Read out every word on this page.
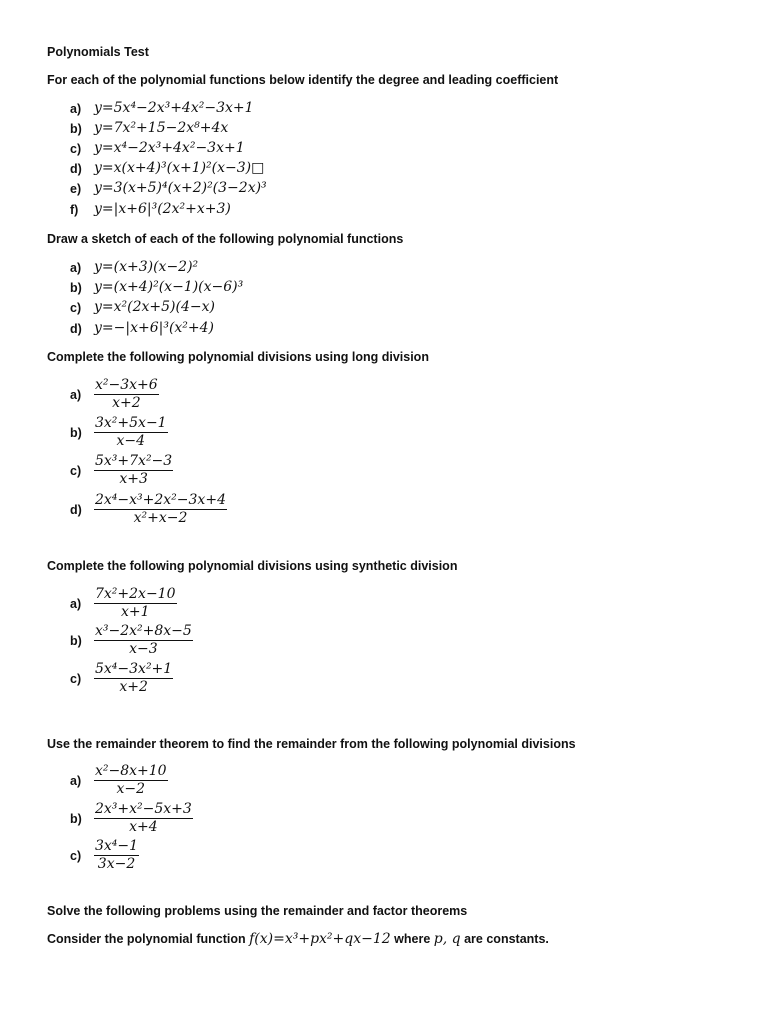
Polynomials Test
For each of the polynomial functions below identify the degree and leading coefficient
a) y=5x⁴−2x³+4x²−3x+1
b) y=7x²+15−2x⁸+4x
c) y=x⁴−2x³+4x²−3x+1
d) y=x(x+4)³(x+1)²(x−3)□
e) y=3(x+5)⁴(x+2)²(3−2x)³
f) y=|x+6|³(2x²+x+3)
Draw a sketch of each of the following polynomial functions
a) y=(x+3)(x−2)²
b) y=(x+4)²(x−1)(x−6)³
c) y=x²(2x+5)(4−x)
d) y=−|x+6|³(x²+4)
Complete the following polynomial divisions using long division
$a) \frac{\text{x²−3x+6}}{x+2}$
$b) \frac{\text{3x²+5x−1}}{x-4}$
$c) \frac{\text{5x³+7x²−3}}{x+3}$
$d) \frac{\text{2x⁴−x³+2x²−3x+4}}{\text{x²+x−2}}$
Complete the following polynomial divisions using synthetic division
$a) \frac{\text{7x²+2x−10}}{x+1}$
$b) \frac{\text{x³−2x²+8x−5}}{x-3}$
$c) \frac{\text{5x⁴−3x²+1}}{x+2}$
Use the remainder theorem to find the remainder from the following polynomial divisions
$a) \frac{\text{x²−8x+10}}{x-2}$
$b) \frac{\text{2x³+x²−5x+3}}{x+4}$
$c) \frac{\text{3x⁴−1}}{3x-2}$
Solve the following problems using the remainder and factor theorems
Consider the polynomial function f(x)=x³+px²+qx−12 where p, q are constants.
